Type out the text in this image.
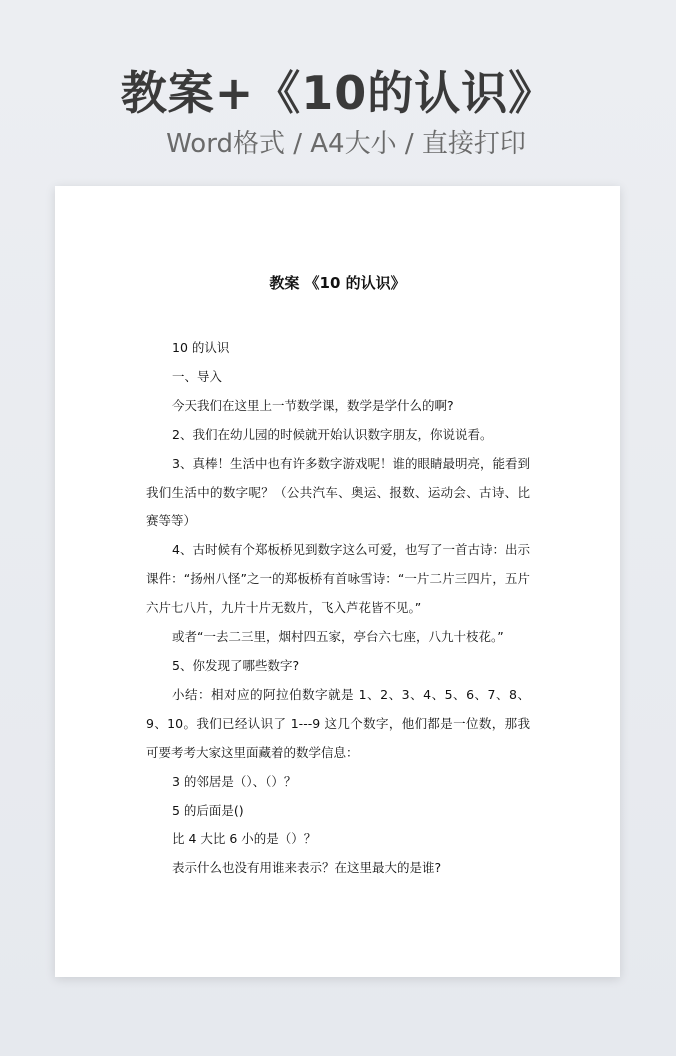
教案+《10的认识》
Word格式 / A4大小 / 直接打印
教案 《10 的认识》

10 的认识

一、导入

今天我们在这里上一节数学课，数学是学什么的啊?

2、我们在幼儿园的时候就开始认识数字朋友，你说说看。

3、真棒！生活中也有许多数字游戏呢！谁的眼睛最明亮，能看到我们生活中的数字呢？（公共汽车、奥运、报数、运动会、古诗、比赛等等）

4、古时候有个郑板桥见到数字这么可爱，也写了一首古诗：出示课件：“扬州八怪”之一的郑板桥有首咏雪诗：“一片二片三四片，五片六片七八片，九片十片无数片，飞入芦花皆不见。”

或者“一去二三里，烟村四五家，亭台六七座，八九十枝花。”

5、你发现了哪些数字?

小结：相对应的阿拉伯数字就是 1、2、3、4、5、6、7、8、9、10。我们已经认识了 1---9 这几个数字，他们都是一位数，那我可要考考大家这里面藏着的数学信息：

3 的邻居是（）、（）？

5 的后面是()

比 4 大比 6 小的是（）？

表示什么也没有用谁来表示？在这里最大的是谁?
